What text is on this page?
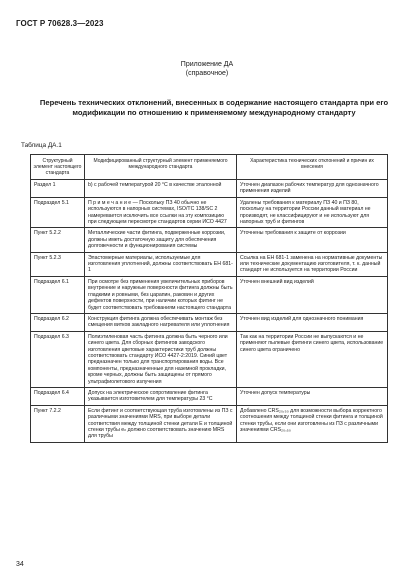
ГОСТ Р 70628.3—2023
Приложение ДА
(справочное)
Перечень технических отклонений, внесенных в содержание настоящего стандарта при его модификации по отношению к применяемому международному стандарту
Таблица ДА.1
Структурный элемент настоящего стандарта	Модифицированный структурный элемент применяемого международного стандарта	Характеристика технических отклонений и причин их внесения
Раздел 1	b) с рабочей температурой 20 °С в качестве эталонной	Уточнен диапазон рабочих температур для однозначного применения изделий
Подраздел 5.1	П р и м е ч а н и е — Поскольку ПЗ 40 обычно не используются в напорных системах, ISO/TC 138/SC 2 намеревается исключить все ссылки на эту композицию при следующем пересмотре стандартов серии ИСО 4427	Удалены требования к материалу ПЗ 40 и ПЗ 80, поскольку на территории России данный материал не производят, не классифицируют и не используют для напорных труб и фитингов
Пункт 5.2.2	Металлические части фитинга, подверженные коррозии, должны иметь достаточную защиту для обеспечения долговечности и функционирования системы	Уточнены требования к защите от коррозии
Пункт 5.2.3	Эластомерные материалы, используемые для изготовления уплотнений, должны соответствовать EH 681-1	Ссылка на EH 681-1 заменена на нормативные документы или технические документацию изготовителя, т. к. данный стандарт не используется на территории России
Подраздел 6.1	При осмотре без применения увеличительных приборов внутренние и наружные поверхности фитинга должны быть гладкими и ровными, без царапин, раковин и других дефектов поверхности, при наличии которых фитинг не будет соответствовать требованиям настоящего стандарта	Уточнен внешний вид изделий
Подраздел 6.2	Конструкция фитинга должна обеспечивать монтаж без смещения витков закладного нагревателя или уплотнения	Уточнен вид изделий для однозначного понимания
Подраздел 6.3	Полиэтиленовая часть фитинга должна быть черного или синего цвета. Для сборных фитингов заводского изготовления цветовые характеристики труб должны соответствовать стандарту ИСО 4427-2:2019. Синий цвет предназначен только для транспортирования воды. Все компоненты, предназначенные для наземной прокладки, кроме черных, должны быть защищены от прямого ультрафиолетового излучения	Так как на территории России не выпускаются и не применяют пылевые фитинги синего цвета, использование синего цвета ограничено
Подраздел 6.4	Допуск на электрическое сопротивление фитинга указывается изготовителем для температуры 23 °С	Уточнен допуск температуры
Пункт 7.2.2	Если фитинг и соответствующая труба изготовлены из ПЗ с различными значениями MRS, при выборе детали соответствия между толщиной стенки детали Е и толщиной стенки трубы eₙ должно соответствовать значению MRS для трубы	Добавлено CRS₂₀,₅₀ для возможности выбора корректного соотношения между толщиной стенки фитинга и толщиной стенки трубы, если они изготовлены из ПЗ с различными значениями CRS₂₀,₅₀
34
